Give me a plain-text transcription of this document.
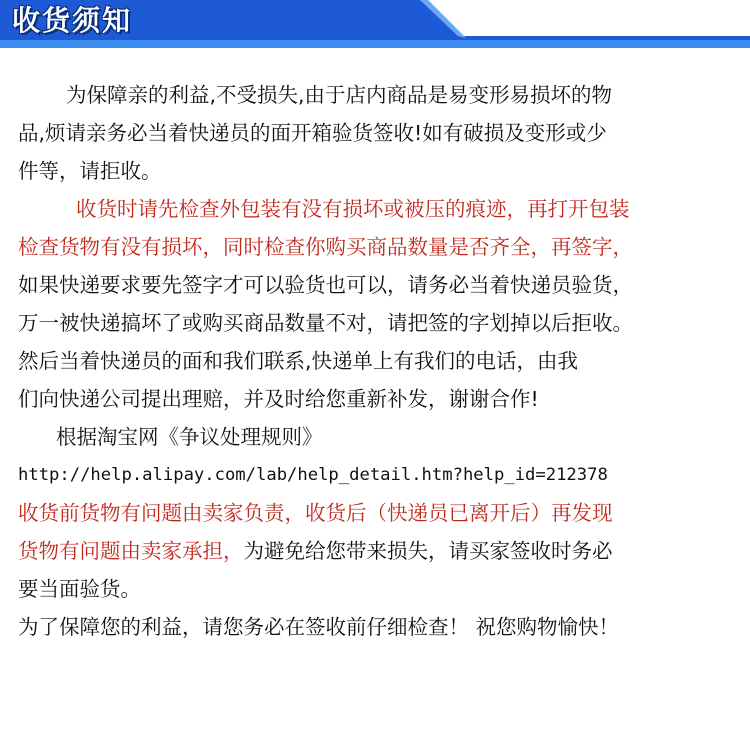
收货须知
为保障亲的利益,不受损失,由于店内商品是易变形易损坏的物
品,烦请亲务必当着快递员的面开箱验货签收!如有破损及变形或少
件等，请拒收。
收货时请先检查外包装有没有损坏或被压的痕迹，再打开包装
检查货物有没有损坏，同时检查你购买商品数量是否齐全，再签字，
如果快递要求要先签字才可以验货也可以，请务必当着快递员验货，
万一被快递搞坏了或购买商品数量不对，请把签的字划掉以后拒收。
然后当着快递员的面和我们联系,快递单上有我们的电话，由我
们向快递公司提出理赔，并及时给您重新补发，谢谢合作!
根据淘宝网《争议处理规则》
http://help.alipay.com/lab/help_detail.htm?help_id=212378
收货前货物有问题由卖家负责，收货后（快递员已离开后）再发现
货物有问题由卖家承担，为避免给您带来损失，请买家签收时务必
要当面验货。
为了保障您的利益，请您务必在签收前仔细检查！ 祝您购物愉快！
